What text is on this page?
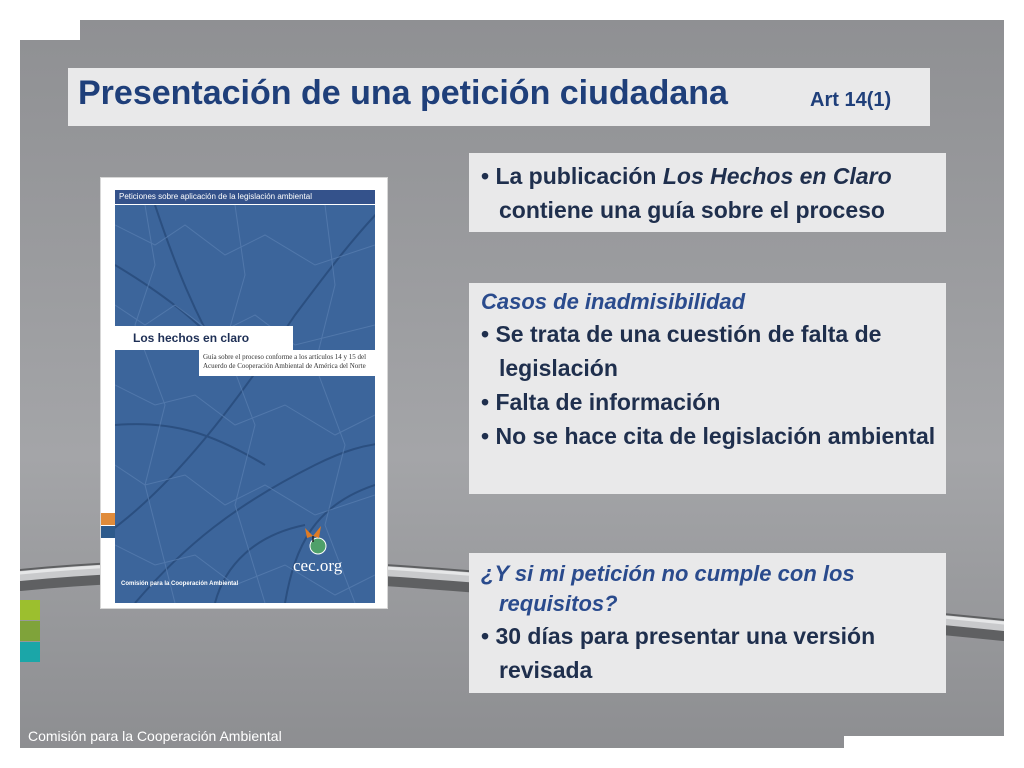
Presentación de una petición ciudadana	Art 14(1)
Peticiones sobre aplicación de la legislación ambiental
Los hechos en claro
Guía sobre el proceso conforme a los artículos 14 y 15 del Acuerdo de Cooperación Ambiental de América del Norte
cec.org
Comisión para la Cooperación Ambiental
• La publicación Los Hechos en Claro contiene una guía sobre el proceso
Casos de inadmisibilidad
• Se trata de una cuestión de falta de legislación
• Falta de información
• No se hace cita de legislación ambiental
¿Y si mi petición no cumple con los requisitos?
• 30 días para presentar una versión revisada
Comisión para la Cooperación Ambiental
